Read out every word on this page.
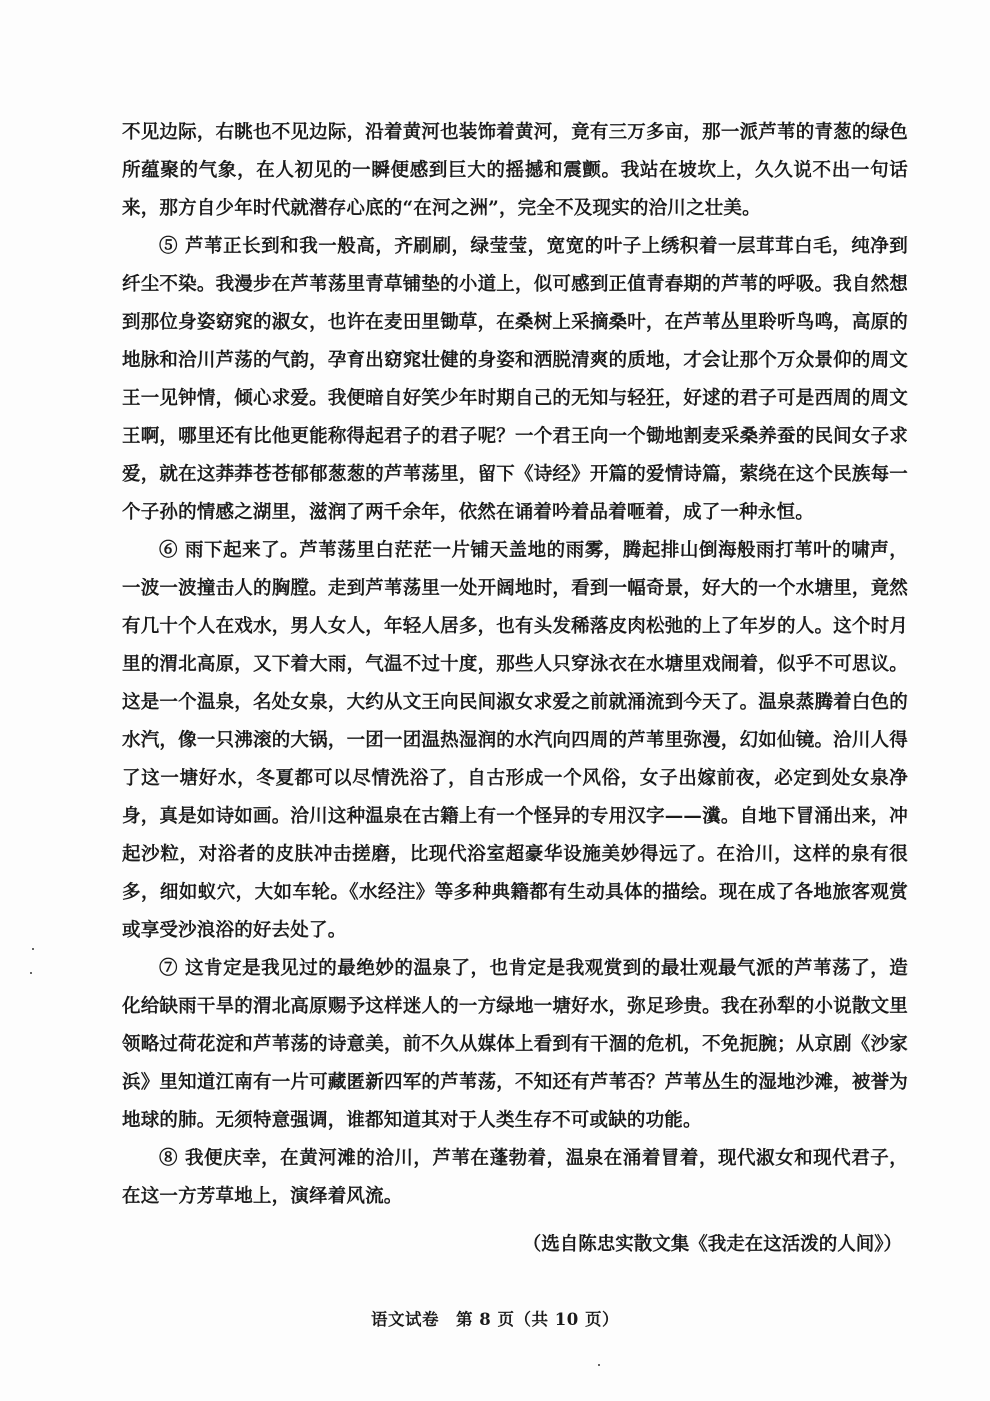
不见边际，右眺也不见边际，沿着黄河也装饰着黄河，竟有三万多亩，那一派芦苇的青葱的绿色所蕴聚的气象，在人初见的一瞬便感到巨大的摇撼和震颤。我站在坡坎上，久久说不出一句话来，那方自少年时代就潜存心底的“在河之洲”，完全不及现实的洽川之壮美。

⑤ 芦苇正长到和我一般高，齐刷刷，绿莹莹，宽宽的叶子上绣积着一层茸茸白毛，纯净到纤尘不染。我漫步在芦苇荡里青草铺垫的小道上，似可感到正值青春期的芦苇的呼吸。我自然想到那位身姿窈窕的淑女，也许在麦田里锄草，在桑树上采摘桑叶，在芦苇丛里聆听鸟鸣，高原的地脉和洽川芦荡的气韵，孕育出窈窕壮健的身姿和洒脱清爽的质地，才会让那个万众景仰的周文王一见钟情，倾心求爱。我便暗自好笑少年时期自己的无知与轻狂，好逑的君子可是西周的周文王啊，哪里还有比他更能称得起君子的君子呢？一个君王向一个锄地割麦采桑养蚕的民间女子求爱，就在这莽莽苍苍郁郁葱葱的芦苇荡里，留下《诗经》开篇的爱情诗篇，萦绕在这个民族每一个子孙的情感之湖里，滋润了两千余年，依然在诵着吟着品着咂着，成了一种永恒。

⑥ 雨下起来了。芦苇荡里白茫茫一片铺天盖地的雨雾，腾起排山倒海般雨打苇叶的啸声，一波一波撞击人的胸膛。走到芦苇荡里一处开阔地时，看到一幅奇景，好大的一个水塘里，竟然有几十个人在戏水，男人女人，年轻人居多，也有头发稀落皮肉松弛的上了年岁的人。这个时月里的渭北高原，又下着大雨，气温不过十度，那些人只穿泳衣在水塘里戏闹着，似乎不可思议。这是一个温泉，名处女泉，大约从文王向民间淑女求爱之前就涌流到今天了。温泉蒸腾着白色的水汽，像一只沸滚的大锅，一团一团温热湿润的水汽向四周的芦苇里弥漫，幻如仙镜。洽川人得了这一塘好水，冬夏都可以尽情洗浴了，自古形成一个风俗，女子出嫁前夜，必定到处女泉净身，真是如诗如画。洽川这种温泉在古籍上有一个怪异的专用汉字——瀵。自地下冒涌出来，冲起沙粒，对浴者的皮肤冲击搓磨，比现代浴室超豪华设施美妙得远了。在洽川，这样的泉有很多，细如蚁穴，大如车轮。《水经注》等多种典籍都有生动具体的描绘。现在成了各地旅客观赏或享受沙浪浴的好去处了。

⑦ 这肯定是我见过的最绝妙的温泉了，也肯定是我观赏到的最壮观最气派的芦苇荡了，造化给缺雨干旱的渭北高原赐予这样迷人的一方绿地一塘好水，弥足珍贵。我在孙犁的小说散文里领略过荷花淀和芦苇荡的诗意美，前不久从媒体上看到有干涸的危机，不免扼腕；从京剧《沙家浜》里知道江南有一片可藏匿新四军的芦苇荡，不知还有芦苇否？芦苇丛生的湿地沙滩，被誉为地球的肺。无须特意强调，谁都知道其对于人类生存不可或缺的功能。

⑧ 我便庆幸，在黄河滩的洽川，芦苇在蓬勃着，温泉在涌着冒着，现代淑女和现代君子，在这一方芳草地上，演绎着风流。

（选自陈忠实散文集《我走在这活泼的人间》）
语文试卷　第 8 页（共 10 页）
